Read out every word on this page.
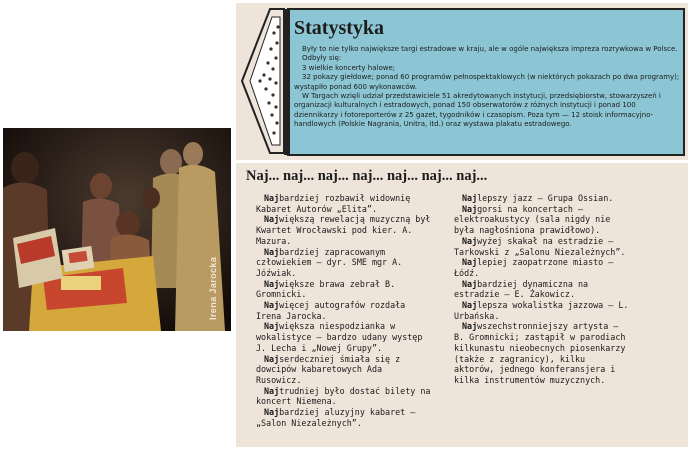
Statystyka

Były to nie tylko największe targi estradowe w kraju, ale w ogóle największa impreza rozrywkowa w Polsce.

Odbyły się:

3 wielkie koncerty halowe;

32 pokazy giełdowe; ponad 60 programów pełnospektaklowych (w niektórych pokazach po dwa programy); wystąpiło ponad 600 wykonawców.

W Targach wzięli udział przedstawiciele 51 akredytowanych instytucji, przedsiębiorstw, stowarzyszeń i organizacji kulturalnych i estradowych, ponad 150 obserwatorów z różnych instytucji i ponad 100 dziennikarzy i fotoreporterów z 25 gazet, tygodników i czasopism. Poza tym — 12 stoisk informacyjno-handlowych (Polskie Nagrania, Unitra, itd.) oraz wystawa plakatu estradowego.

Irena Jarocka
Naj... naj... naj... naj... naj... naj... naj...

Najbardziej rozbawił widownię Kabaret Autorów „Elita”.

Największą rewelacją muzyczną był Kwartet Wrocławski pod kier. A. Mazura.

Najbardziej zapracowanym człowiekiem — dyr. SME mgr A. Jóźwiak.

Największe brawa zebrał B. Gromnicki.

Najwięcej autografów rozdała Irena Jarocka.

Największa niespodzianka w wokalistyce — bardzo udany występ J. Lecha i „Nowej Grupy”.

Najserdeczniej śmiała się z dowcipów kabaretowych Ada Rusowicz.

Najtrudniej było dostać bilety na koncert Niemena.

Najbardziej aluzyjny kabaret — „Salon Niezależnych”.

Najlepszy jazz — Grupa Ossian.

Najgorsi na koncertach — elektroakustycy (sala nigdy nie była nagłośniona prawidłowo).

Najwyżej skakał na estradzie — Tarkowski z „Salonu Niezależnych”.

Najlepiej zaopatrzone miasto — Łódź.

Najbardziej dynamiczna na estradzie — E. Żakowicz.

Najlepsza wokalistka jazzowa — L. Urbańska.

Najwszechstronniejszy artysta — B. Gromnicki; zastąpił w parodiach kilkunastu nieobecnych piosenkarzy (także z zagranicy), kilku aktorów, jednego konferansjera i kilka instrumentów muzycznych.
